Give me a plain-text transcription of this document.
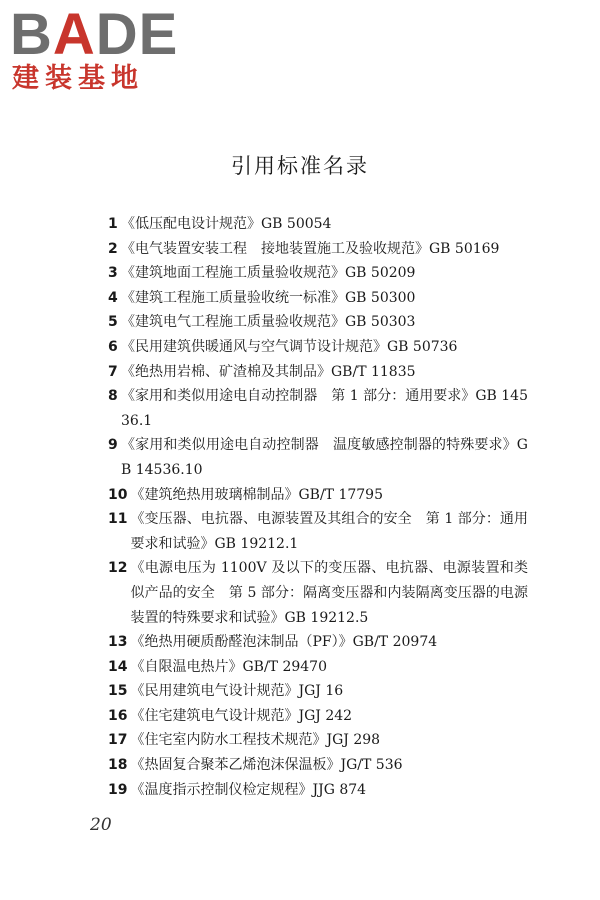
BADE
建装基地
引用标准名录
1 《低压配电设计规范》GB 50054
2 《电气装置安装工程　接地装置施工及验收规范》GB 50169
3 《建筑地面工程施工质量验收规范》GB 50209
4 《建筑工程施工质量验收统一标准》GB 50300
5 《建筑电气工程施工质量验收规范》GB 50303
6 《民用建筑供暖通风与空气调节设计规范》GB 50736
7 《绝热用岩棉、矿渣棉及其制品》GB/T 11835
8 《家用和类似用途电自动控制器　第 1 部分：通用要求》GB 14536.1
9 《家用和类似用途电自动控制器　温度敏感控制器的特殊要求》GB 14536.10
10 《建筑绝热用玻璃棉制品》GB/T 17795
11 《变压器、电抗器、电源装置及其组合的安全　第 1 部分：通用要求和试验》GB 19212.1
12 《电源电压为 1100V 及以下的变压器、电抗器、电源装置和类似产品的安全　第 5 部分：隔离变压器和内装隔离变压器的电源装置的特殊要求和试验》GB 19212.5
13 《绝热用硬质酚醛泡沫制品（PF）》GB/T 20974
14 《自限温电热片》GB/T 29470
15 《民用建筑电气设计规范》JGJ 16
16 《住宅建筑电气设计规范》JGJ 242
17 《住宅室内防水工程技术规范》JGJ 298
18 《热固复合聚苯乙烯泡沫保温板》JG/T 536
19 《温度指示控制仪检定规程》JJG 874
20
